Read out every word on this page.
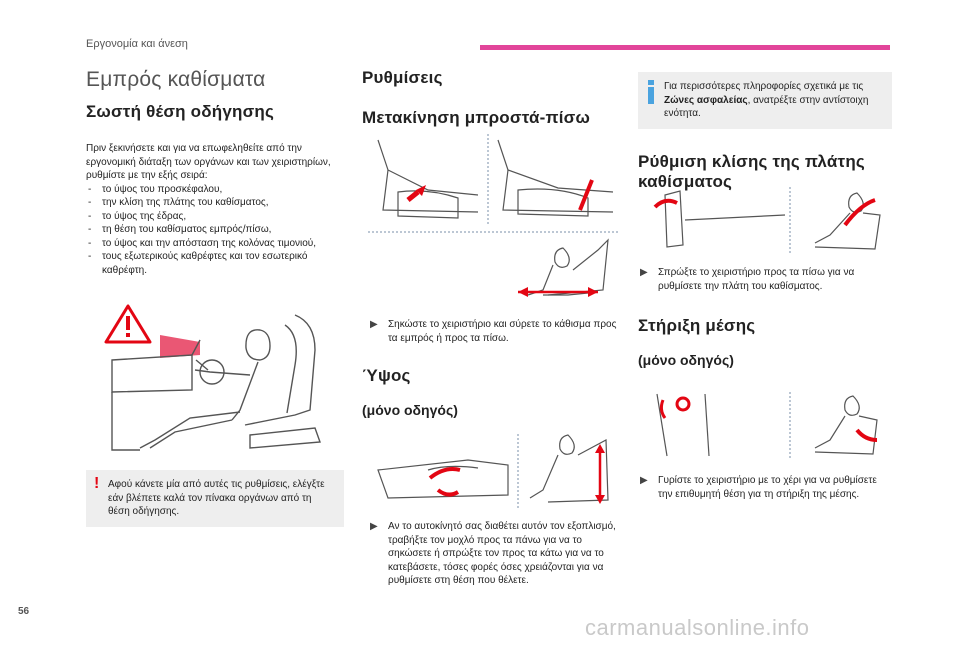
Εργονομία και άνεση
Εμπρός καθίσματα
Σωστή θέση οδήγησης

Πριν ξεκινήσετε και για να επωφεληθείτε από την εργονομική διάταξη των οργάνων και των χειριστηρίων, ρυθμίστε με την εξής σειρά:

- το ύψος του προσκέφαλου,
- την κλίση της πλάτης του καθίσματος,
- το ύψος της έδρας,
- τη θέση του καθίσματος εμπρός/πίσω,
- το ύψος και την απόσταση της κολόνας τιμονιού,
- τους εξωτερικούς καθρέφτες και τον εσωτερικό καθρέφτη.
! Αφού κάνετε μία από αυτές τις ρυθμίσεις, ελέγξτε εάν βλέπετε καλά τον πίνακα οργάνων από τη θέση οδήγησης.
Ρυθμίσεις
Μετακίνηση μπροστά-πίσω
▶ Σηκώστε το χειριστήριο και σύρετε το κάθισμα προς τα εμπρός ή προς τα πίσω.
Ύψος
(μόνο οδηγός)
▶ Αν το αυτοκίνητό σας διαθέτει αυτόν τον εξοπλισμό, τραβήξτε τον μοχλό προς τα πάνω για να το σηκώσετε ή σπρώξτε τον προς τα κάτω για να το κατεβάσετε, τόσες φορές όσες χρειάζονται για να ρυθμίσετε στη θέση που θέλετε.
Για περισσότερες πληροφορίες σχετικά με τις Ζώνες ασφαλείας, ανατρέξτε στην αντίστοιχη ενότητα.
Ρύθμιση κλίσης της πλάτης καθίσματος
▶ Σπρώξτε το χειριστήριο προς τα πίσω για να ρυθμίσετε την πλάτη του καθίσματος.
Στήριξη μέσης
(μόνο οδηγός)
▶ Γυρίστε το χειριστήριο με το χέρι για να ρυθμίσετε την επιθυμητή θέση για τη στήριξη της μέσης.
56
carmanualsonline.info
